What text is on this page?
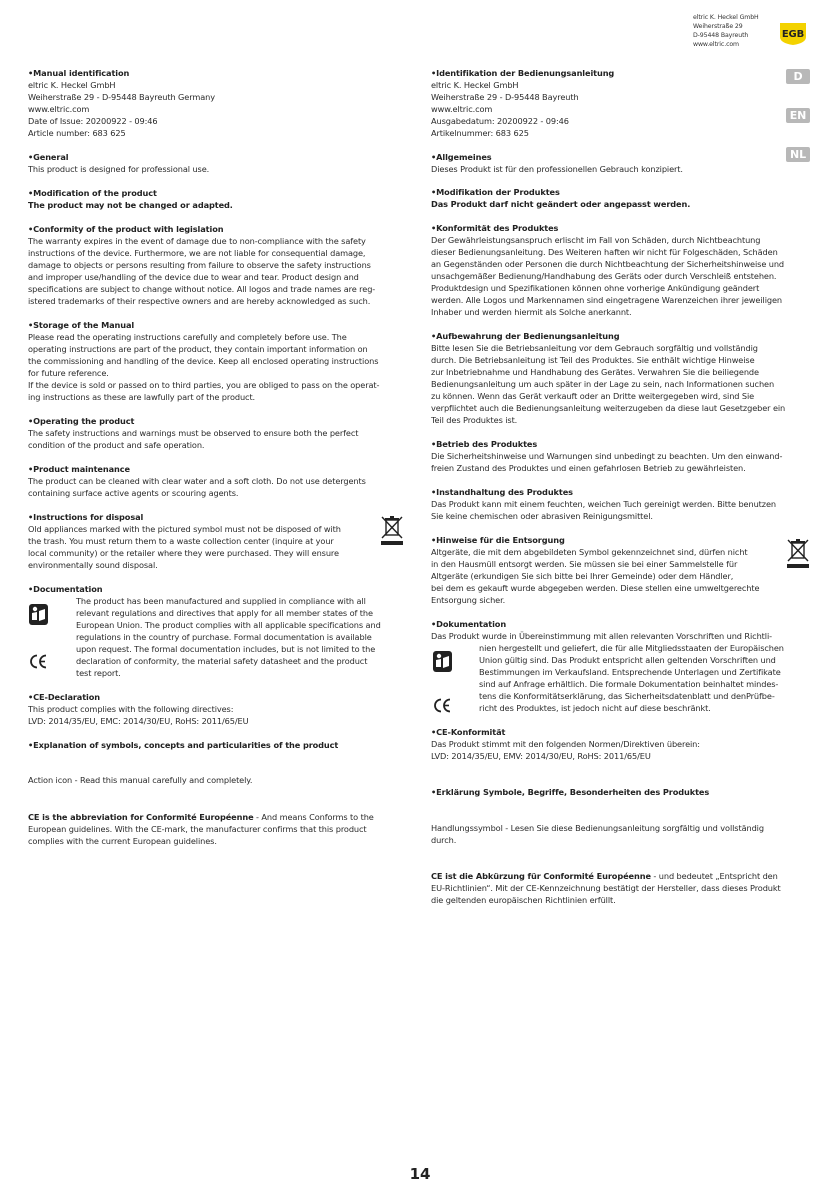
eltric K. Heckel GmbH
Weiherstraße 29
D-95448 Bayreuth
www.eltric.com
EGB
D
EN
NL
•Manual identification
eltric K. Heckel GmbH
Weiherstraße 29 - D-95448 Bayreuth Germany
www.eltric.com
Date of Issue: 20200922 - 09:46
Article number: 683 625
•General
This product is designed for professional use.
•Modification of the product
The product may not be changed or adapted.
•Conformity of the product with legislation
The warranty expires in the event of damage due to non-compliance with the safety
instructions of the device. Furthermore, we are not liable for consequential damage,
damage to objects or persons resulting from failure to observe the safety instructions
and improper use/handling of the device due to wear and tear. Product design and
specifications are subject to change without notice. All logos and trade names are reg-
istered trademarks of their respective owners and are hereby acknowledged as such.
•Storage of the Manual
Please read the operating instructions carefully and completely before use. The
operating instructions are part of the product, they contain important information on
the commissioning and handling of the device. Keep all enclosed operating instructions
for future reference.
If the device is sold or passed on to third parties, you are obliged to pass on the operat-
ing instructions as these are lawfully part of the product.
•Operating the product
The safety instructions and warnings must be observed to ensure both the perfect
condition of the product and safe operation.
•Product maintenance
The product can be cleaned with clear water and a soft cloth. Do not use detergents
containing surface active agents or scouring agents.
•Instructions for disposal
Old appliances marked with the pictured symbol must not be disposed of with
the trash. You must return them to a waste collection center (inquire at your
local community) or the retailer where they were purchased. They will ensure
environmentally sound disposal.
•Documentation
The product has been manufactured and supplied in compliance with all
relevant regulations and directives that apply for all member states of the
European Union. The product complies with all applicable specifications and
regulations in the country of purchase. Formal documentation is available
upon request. The formal documentation includes, but is not limited to the
declaration of conformity, the material safety datasheet and the product
test report.
•CE-Declaration
This product complies with the following directives:
LVD: 2014/35/EU, EMC: 2014/30/EU, RoHS: 2011/65/EU
•Explanation of symbols, concepts and particularities of the product
Action icon - Read this manual carefully and completely.
CE is the abbreviation for Conformité Européenne - And means Conforms to the
European guidelines. With the CE-mark, the manufacturer confirms that this product
complies with the current European guidelines.
•Identifikation der Bedienungsanleitung
eltric K. Heckel GmbH
Weiherstraße 29 - D-95448 Bayreuth
www.eltric.com
Ausgabedatum: 20200922 - 09:46
Artikelnummer: 683 625
•Allgemeines
Dieses Produkt ist für den professionellen Gebrauch konzipiert.
•Modifikation der Produktes
Das Produkt darf nicht geändert oder angepasst werden.
•Konformität des Produktes
Der Gewährleistungsanspruch erlischt im Fall von Schäden, durch Nichtbeachtung
dieser Bedienungsanleitung. Des Weiteren haften wir nicht für Folgeschäden, Schäden
an Gegenständen oder Personen die durch Nichtbeachtung der Sicherheitshinweise und
unsachgemäßer Bedienung/Handhabung des Geräts oder durch Verschleiß entstehen.
Produktdesign und Spezifikationen können ohne vorherige Ankündigung geändert
werden. Alle Logos und Markennamen sind eingetragene Warenzeichen ihrer jeweiligen
Inhaber und werden hiermit als Solche anerkannt.
•Aufbewahrung der Bedienungsanleitung
Bitte lesen Sie die Betriebsanleitung vor dem Gebrauch sorgfältig und vollständig
durch. Die Betriebsanleitung ist Teil des Produktes. Sie enthält wichtige Hinweise
zur Inbetriebnahme und Handhabung des Gerätes. Verwahren Sie die beiliegende
Bedienungsanleitung um auch später in der Lage zu sein, nach Informationen suchen
zu können. Wenn das Gerät verkauft oder an Dritte weitergegeben wird, sind Sie
verpflichtet auch die Bedienungsanleitung weiterzugeben da diese laut Gesetzgeber ein
Teil des Produktes ist.
•Betrieb des Produktes
Die Sicherheitshinweise und Warnungen sind unbedingt zu beachten. Um den einwand-
freien Zustand des Produktes und einen gefahrlosen Betrieb zu gewährleisten.
•Instandhaltung des Produktes
Das Produkt kann mit einem feuchten, weichen Tuch gereinigt werden. Bitte benutzen
Sie keine chemischen oder abrasiven Reinigungsmittel.
•Hinweise für die Entsorgung
Altgeräte, die mit dem abgebildeten Symbol gekennzeichnet sind, dürfen nicht
in den Hausmüll entsorgt werden. Sie müssen sie bei einer Sammelstelle für
Altgeräte (erkundigen Sie sich bitte bei Ihrer Gemeinde) oder dem Händler,
bei dem es gekauft wurde abgegeben werden. Diese stellen eine umweltgerechte
Entsorgung sicher.
•Dokumentation
Das Produkt wurde in Übereinstimmung mit allen relevanten Vorschriften und Richtli-
nien hergestellt und geliefert, die für alle Mitgliedsstaaten der Europäischen
Union gültig sind. Das Produkt entspricht allen geltenden Vorschriften und
Bestimmungen im Verkaufsland. Entsprechende Unterlagen und Zertifikate
sind auf Anfrage erhältlich. Die formale Dokumentation beinhaltet mindes-
tens die Konformitätserklärung, das Sicherheitsdatenblatt und denPrüfbe-
richt des Produktes, ist jedoch nicht auf diese beschränkt.
•CE-Konformität
Das Produkt stimmt mit den folgenden Normen/Direktiven überein:
LVD: 2014/35/EU, EMV: 2014/30/EU, RoHS: 2011/65/EU
•Erklärung Symbole, Begriffe, Besonderheiten des Produktes
Handlungssymbol - Lesen Sie diese Bedienungsanleitung sorgfältig und vollständig
durch.
CE ist die Abkürzung für Conformité Européenne - und bedeutet „Entspricht den
EU-Richtlinien“. Mit der CE-Kennzeichnung bestätigt der Hersteller, dass dieses Produkt
die geltenden europäischen Richtlinien erfüllt.
14
